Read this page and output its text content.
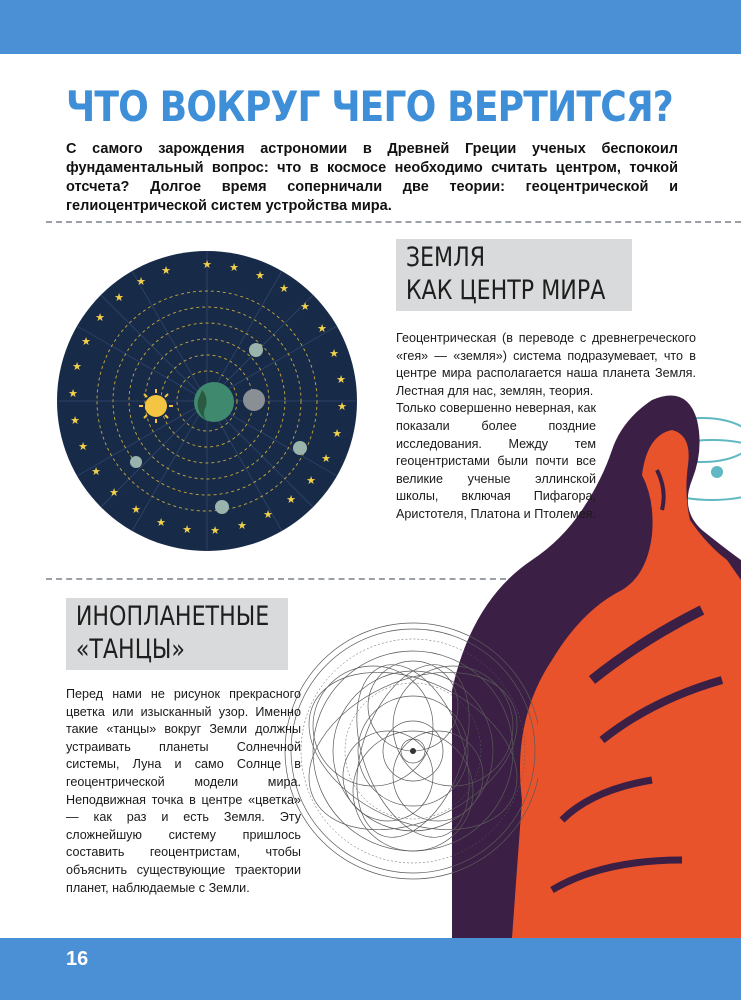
ЧТО ВОКРУГ ЧЕГО ВЕРТИТСЯ?
С самого зарождения астрономии в Древней Греции ученых беспокоил фундаментальный вопрос: что в космосе необходимо считать центром, точкой отсчета? Долгое время соперничали две теории: геоцентрической и гелиоцентрической систем устройства мира.
★ ★
★
★
★
★
★
★
★
★
★
★
★
★
★
★
★
★
★
★
★
★
★
★
★
★
★
★
★
★	ЗЕМЛЯ
КАК ЦЕНТР МИРА

Геоцентрическая (в переводе с древнегреческого «гея» — «земля») система подразумевает, что в центре мира располагается наша планета Земля. Лестная для нас, землян, теория.

Только совершенно неверная, как показали более поздние исследования. Между тем геоцентристами были почти все великие ученые эллинской школы, включая Пифагора, Аристотеля, Платона и Птолемея.

ИНОПЛАНЕТНЫЕ
«ТАНЦЫ»

Перед нами не рисунок прекрасного цветка или изысканный узор. Именно такие «танцы» вокруг Земли должны устраивать планеты Солнечной системы, Луна и само Солнце в геоцентрической модели мира. Неподвижная точка в центре «цветка» — как раз и есть Земля. Эту сложнейшую систему пришлось составить геоцентристам, чтобы объяснить существующие траектории планет, наблюдаемые с Земли.

16
